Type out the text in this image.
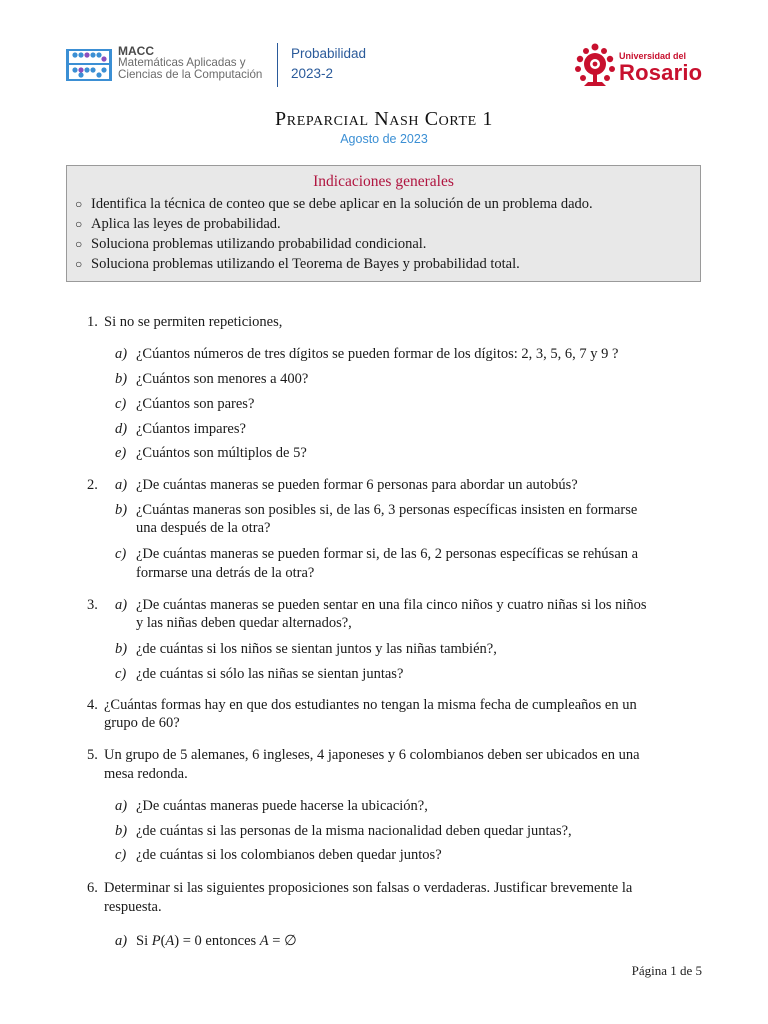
MACC
Matemáticas Aplicadas y
Ciencias de la Computación
Probabilidad
2023-2
Universidad del
Rosario
Preparcial Nash Corte 1
Agosto de 2023
Indicaciones generales
○ Identifica la técnica de conteo que se debe aplicar en la solución de un problema dado.
○ Aplica las leyes de probabilidad.
○ Soluciona problemas utilizando probabilidad condicional.
○ Soluciona problemas utilizando el Teorema de Bayes y probabilidad total.
1. Si no se permiten repeticiones,
a) ¿Cúantos números de tres dígitos se pueden formar de los dígitos: 2, 3, 5, 6, 7 y 9 ?
b) ¿Cuántos son menores a 400?
c) ¿Cúantos son pares?
d) ¿Cúantos impares?
e) ¿Cuántos son múltiplos de 5?
2. a) ¿De cuántas maneras se pueden formar 6 personas para abordar un autobús?
b) ¿Cuántas maneras son posibles si, de las 6, 3 personas específicas insisten en formarse
una después de la otra?
c) ¿De cuántas maneras se pueden formar si, de las 6, 2 personas específicas se rehúsan a
formarse una detrás de la otra?
3. a) ¿De cuántas maneras se pueden sentar en una fila cinco niños y cuatro niñas si los niños
y las niñas deben quedar alternados?,
b) ¿de cuántas si los niños se sientan juntos y las niñas también?,
c) ¿de cuántas si sólo las niñas se sientan juntas?
4. ¿Cuántas formas hay en que dos estudiantes no tengan la misma fecha de cumpleaños en un
grupo de 60?
5. Un grupo de 5 alemanes, 6 ingleses, 4 japoneses y 6 colombianos deben ser ubicados en una
mesa redonda.
a) ¿De cuántas maneras puede hacerse la ubicación?,
b) ¿de cuántas si las personas de la misma nacionalidad deben quedar juntas?,
c) ¿de cuántas si los colombianos deben quedar juntos?
6. Determinar si las siguientes proposiciones son falsas o verdaderas. Justificar brevemente la
respuesta.
a) Si P(A) = 0 entonces A = ∅
Página 1 de 5
